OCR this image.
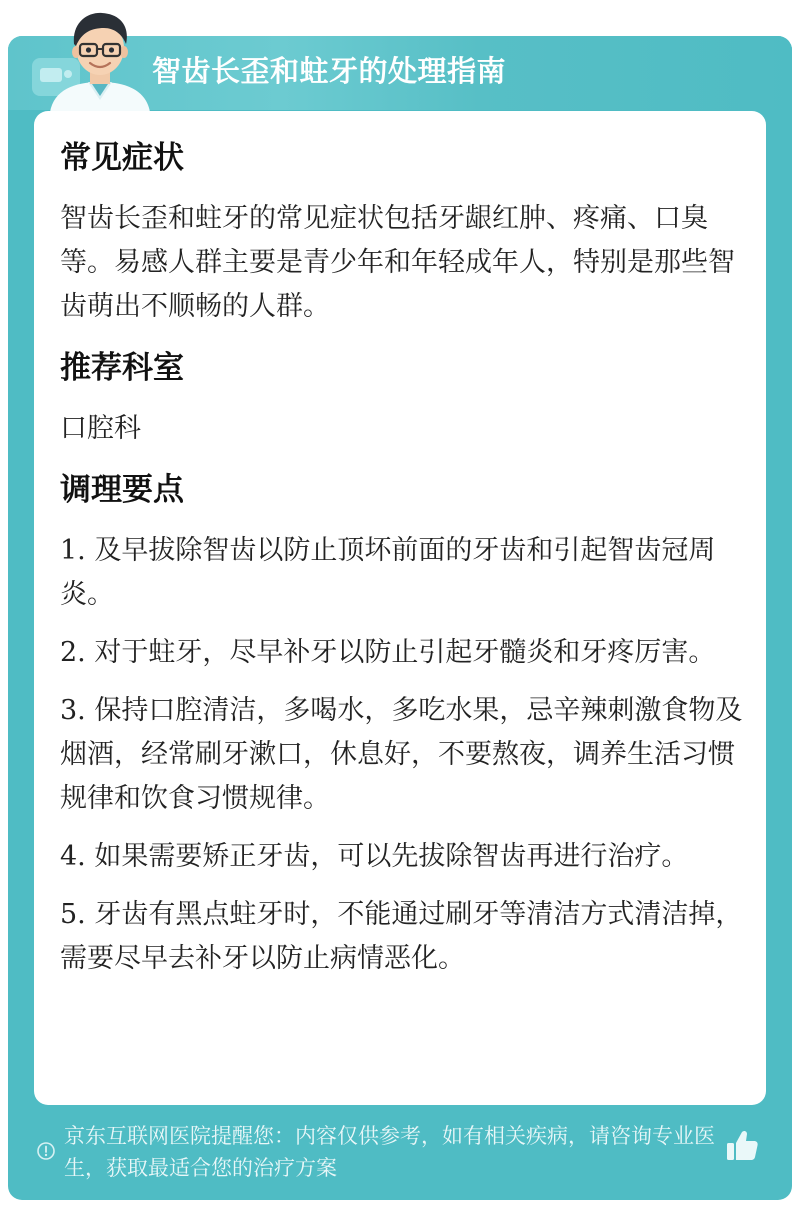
智齿长歪和蛀牙的处理指南
常见症状

智齿长歪和蛀牙的常见症状包括牙龈红肿、疼痛、口臭等。易感人群主要是青少年和年轻成年人，特别是那些智齿萌出不顺畅的人群。

推荐科室

口腔科

调理要点

1. 及早拔除智齿以防止顶坏前面的牙齿和引起智齿冠周炎。

2. 对于蛀牙，尽早补牙以防止引起牙髓炎和牙疼厉害。

3. 保持口腔清洁，多喝水，多吃水果，忌辛辣刺激食物及烟酒，经常刷牙漱口，休息好，不要熬夜，调养生活习惯规律和饮食习惯规律。

4. 如果需要矫正牙齿，可以先拔除智齿再进行治疗。

5. 牙齿有黑点蛀牙时，不能通过刷牙等清洁方式清洁掉，需要尽早去补牙以防止病情恶化。

京东互联网医院提醒您：内容仅供参考，如有相关疾病，请咨询专业医生，获取最适合您的治疗方案
